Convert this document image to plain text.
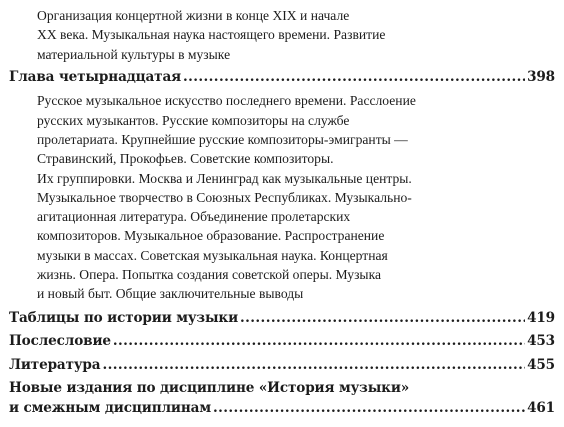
Организация концертной жизни в конце XIX и начале
XX века. Музыкальная наука настоящего времени. Развитие
материальной культуры в музыке
Глава четырнадцатая .....	398
Русское музыкальное искусство последнего времени. Расслоение
русских музыкантов. Русские композиторы на службе
пролетариата. Крупнейшие русские композиторы-эмигранты —
Стравинский, Прокофьев. Советские композиторы.
Их группировки. Москва и Ленинград как музыкальные центры.
Музыкальное творчество в Союзных Республиках. Музыкально-
агитационная литература. Объединение пролетарских
композиторов. Музыкальное образование. Распространение
музыки в массах. Советская музыкальная наука. Концертная
жизнь. Опера. Попытка создания советской оперы. Музыка
и новый быт. Общие заключительные выводы
Таблицы по истории музыки .....	419
Послесловие .....	453
Литература .....	455
Новые издания по дисциплине «История музыки»
и смежным дисциплинам .....	461
